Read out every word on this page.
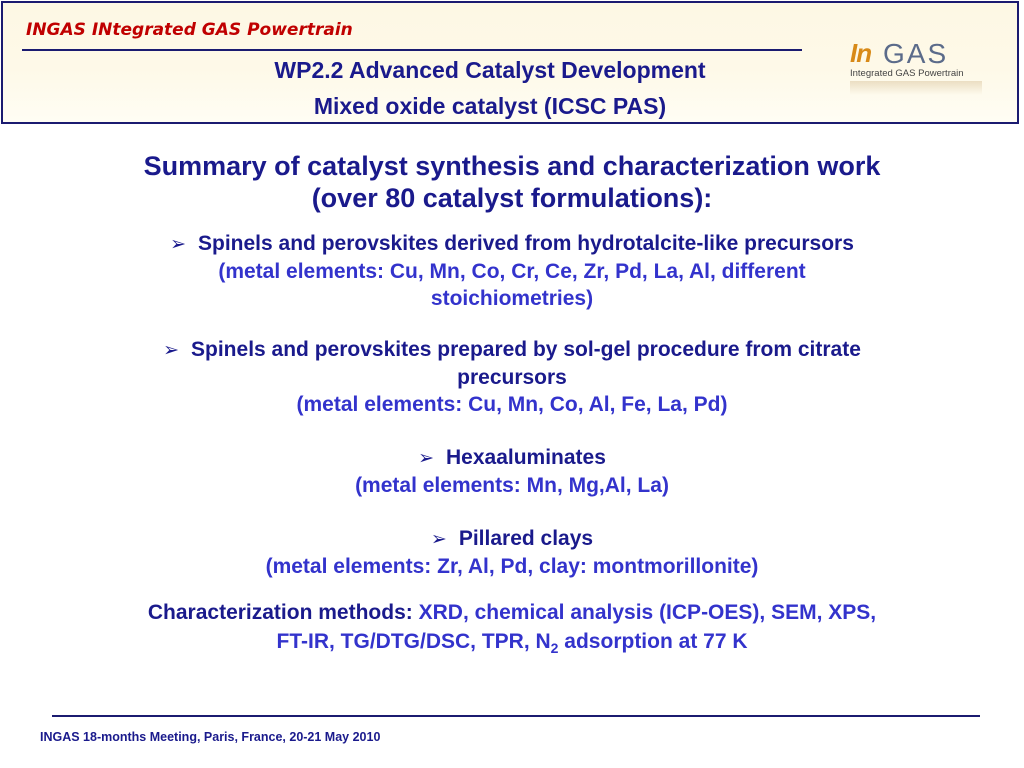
INGAS INtegrated GAS Powertrain
WP2.2 Advanced Catalyst Development
Mixed oxide catalyst (ICSC PAS)
In GAS
Integrated GAS Powertrain

Summary of catalyst synthesis and characterization work

(over 80 catalyst formulations):

➢ Spinels and perovskites derived from hydrotalcite-like precursors

(metal elements: Cu, Mn, Co, Cr, Ce, Zr, Pd, La, Al, different

stoichiometries)

➢ Spinels and perovskites prepared by sol-gel procedure from citrate

precursors

(metal elements: Cu, Mn, Co, Al, Fe, La, Pd)

➢ Hexaaluminates

(metal elements: Mn, Mg,Al, La)

➢ Pillared clays

(metal elements: Zr, Al, Pd, clay: montmorillonite)

Characterization methods: XRD, chemical analysis (ICP-OES), SEM, XPS,
FT-IR, TG/DTG/DSC, TPR, $N_2$ adsorption at 77 K
INGAS 18-months Meeting, Paris, France, 20-21 May 2010
